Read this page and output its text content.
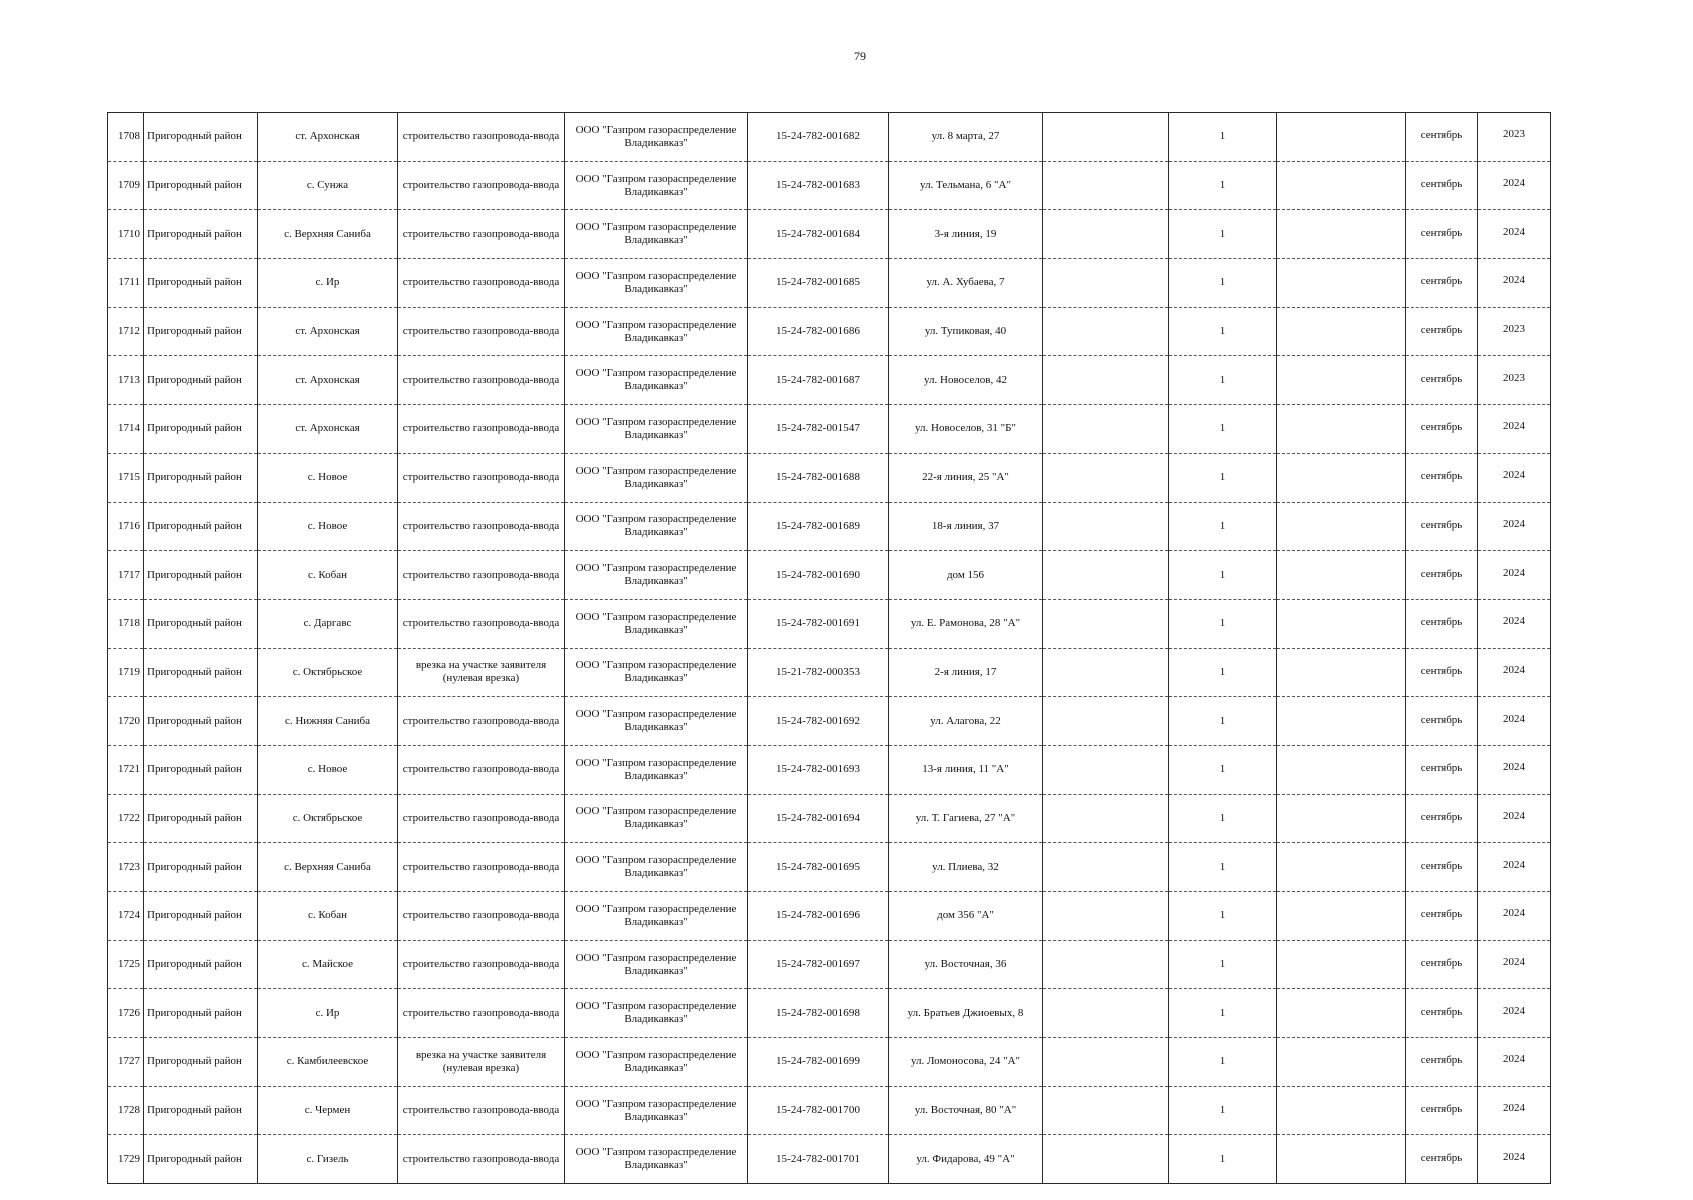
79
1708	Пригородный район	ст. Архонская	строительство газопровода-ввода	ООО "Газпром газораспределение Владикавказ"	15-24-782-001682	ул. 8 марта, 27		1		сентябрь	2023
1709	Пригородный район	с. Сунжа	строительство газопровода-ввода	ООО "Газпром газораспределение Владикавказ"	15-24-782-001683	ул. Тельмана, 6 "А"		1		сентябрь	2024
1710	Пригородный район	с. Верхняя Саниба	строительство газопровода-ввода	ООО "Газпром газораспределение Владикавказ"	15-24-782-001684	3-я линия, 19		1		сентябрь	2024
1711	Пригородный район	с. Ир	строительство газопровода-ввода	ООО "Газпром газораспределение Владикавказ"	15-24-782-001685	ул. А. Хубаева, 7		1		сентябрь	2024
1712	Пригородный район	ст. Архонская	строительство газопровода-ввода	ООО "Газпром газораспределение Владикавказ"	15-24-782-001686	ул. Тупиковая, 40		1		сентябрь	2023
1713	Пригородный район	ст. Архонская	строительство газопровода-ввода	ООО "Газпром газораспределение Владикавказ"	15-24-782-001687	ул. Новоселов, 42		1		сентябрь	2023
1714	Пригородный район	ст. Архонская	строительство газопровода-ввода	ООО "Газпром газораспределение Владикавказ"	15-24-782-001547	ул. Новоселов, 31 "Б"		1		сентябрь	2024
1715	Пригородный район	с. Новое	строительство газопровода-ввода	ООО "Газпром газораспределение Владикавказ"	15-24-782-001688	22-я линия, 25 "А"		1		сентябрь	2024
1716	Пригородный район	с. Новое	строительство газопровода-ввода	ООО "Газпром газораспределение Владикавказ"	15-24-782-001689	18-я линия, 37		1		сентябрь	2024
1717	Пригородный район	с. Кобан	строительство газопровода-ввода	ООО "Газпром газораспределение Владикавказ"	15-24-782-001690	дом 156		1		сентябрь	2024
1718	Пригородный район	с. Даргавс	строительство газопровода-ввода	ООО "Газпром газораспределение Владикавказ"	15-24-782-001691	ул. Е. Рамонова, 28 "А"		1		сентябрь	2024
1719	Пригородный район	с. Октябрьское	врезка на участке заявителя (нулевая врезка)	ООО "Газпром газораспределение Владикавказ"	15-21-782-000353	2-я линия, 17		1		сентябрь	2024
1720	Пригородный район	с. Нижняя Саниба	строительство газопровода-ввода	ООО "Газпром газораспределение Владикавказ"	15-24-782-001692	ул. Алагова, 22		1		сентябрь	2024
1721	Пригородный район	с. Новое	строительство газопровода-ввода	ООО "Газпром газораспределение Владикавказ"	15-24-782-001693	13-я линия, 11 "А"		1		сентябрь	2024
1722	Пригородный район	с. Октябрьское	строительство газопровода-ввода	ООО "Газпром газораспределение Владикавказ"	15-24-782-001694	ул. Т. Гагиева, 27 "А"		1		сентябрь	2024
1723	Пригородный район	с. Верхняя Саниба	строительство газопровода-ввода	ООО "Газпром газораспределение Владикавказ"	15-24-782-001695	ул. Плиева, 32		1		сентябрь	2024
1724	Пригородный район	с. Кобан	строительство газопровода-ввода	ООО "Газпром газораспределение Владикавказ"	15-24-782-001696	дом 356 "А"		1		сентябрь	2024
1725	Пригородный район	с. Майское	строительство газопровода-ввода	ООО "Газпром газораспределение Владикавказ"	15-24-782-001697	ул. Восточная, 36		1		сентябрь	2024
1726	Пригородный район	с. Ир	строительство газопровода-ввода	ООО "Газпром газораспределение Владикавказ"	15-24-782-001698	ул. Братьев Джиоевых, 8		1		сентябрь	2024
1727	Пригородный район	с. Камбилеевское	врезка на участке заявителя (нулевая врезка)	ООО "Газпром газораспределение Владикавказ"	15-24-782-001699	ул. Ломоносова, 24 "А"		1		сентябрь	2024
1728	Пригородный район	с. Чермен	строительство газопровода-ввода	ООО "Газпром газораспределение Владикавказ"	15-24-782-001700	ул. Восточная, 80 "А"		1		сентябрь	2024
1729	Пригородный район	с. Гизель	строительство газопровода-ввода	ООО "Газпром газораспределение Владикавказ"	15-24-782-001701	ул. Фидарова, 49 "А"		1		сентябрь	2024
